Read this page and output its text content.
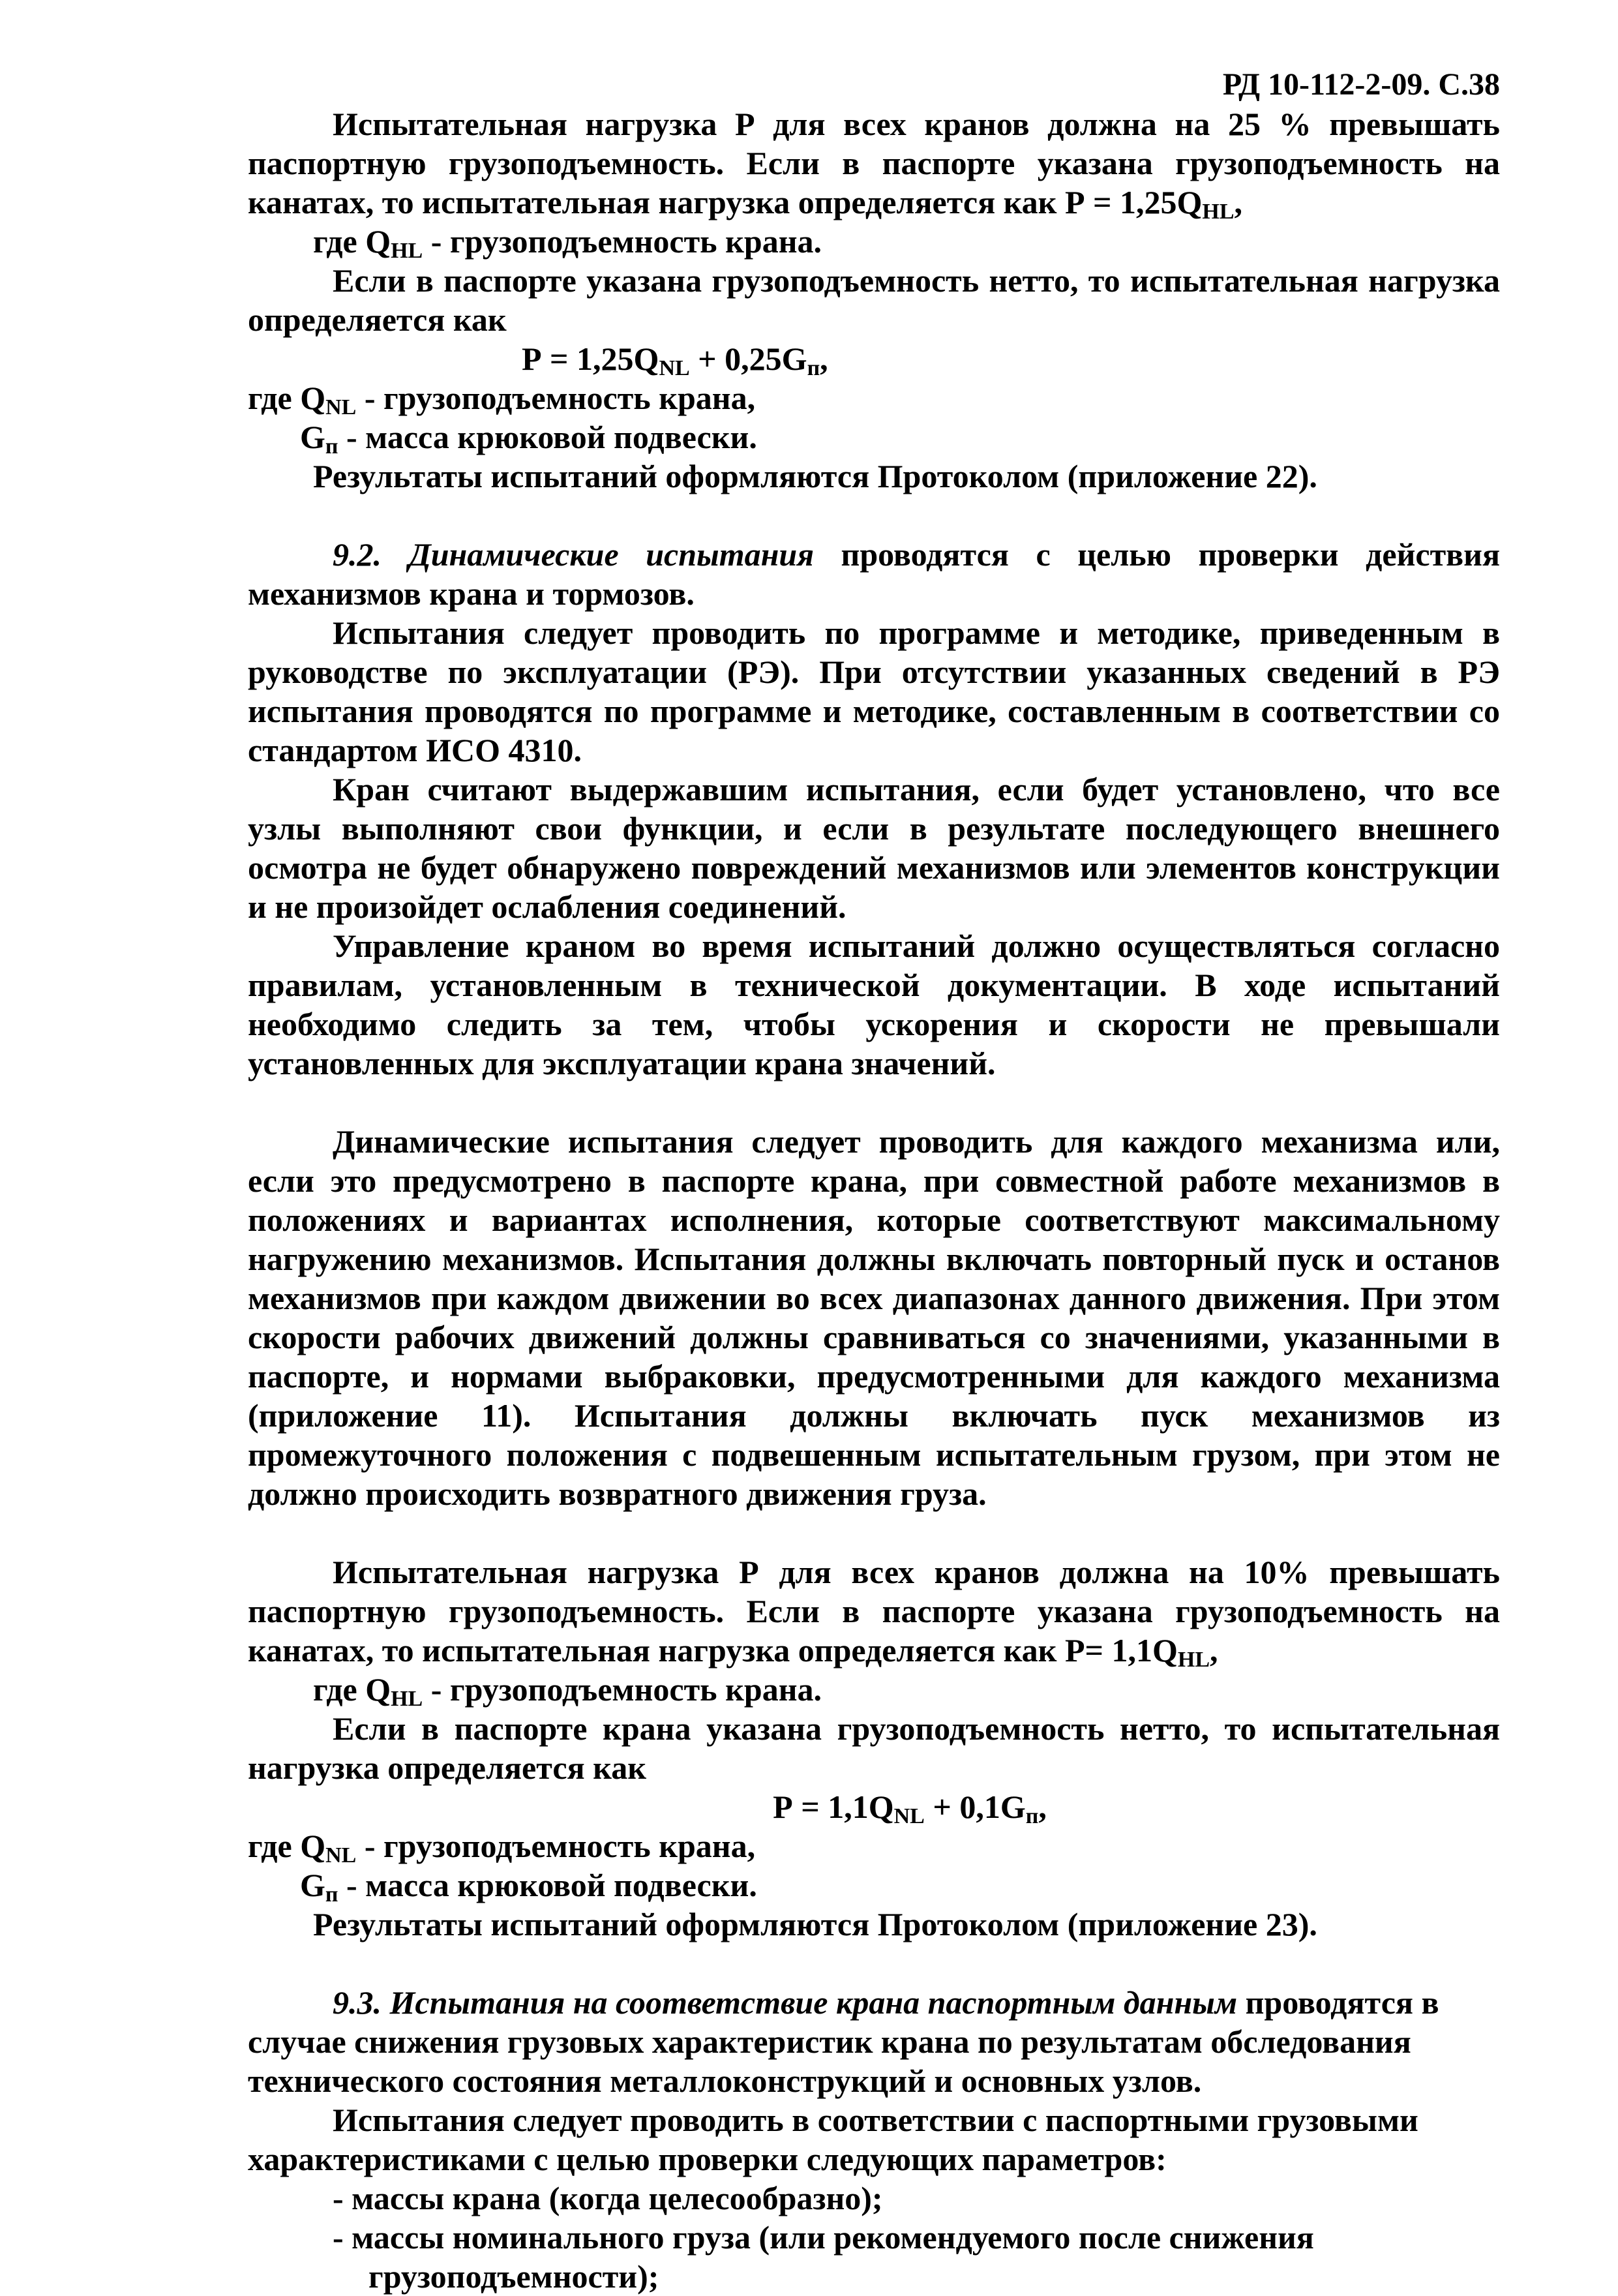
РД 10-112-2-09. С.38

Испытательная нагрузка Р для всех кранов должна на 25 % превышать паспортную грузоподъемность. Если в паспорте указана грузоподъемность на канатах, то испытательная нагрузка определяется как $Р = 1,25Q_{HL}$,

где $Q_{HL}$ - грузоподъемность крана.

Если в паспорте указана грузоподъемность нетто, то испытательная нагрузка определяется как

$Р = 1,25Q_{NL} + 0,25G_п$,

где $Q_{NL}$ - грузоподъемность крана,

$G_п$ - масса крюковой подвески.

Результаты испытаний оформляются Протоколом (приложение 22).

9.2. Динамические испытания проводятся с целью проверки действия механизмов крана и тормозов.

Испытания следует проводить по программе и методике, приведенным в руководстве по эксплуатации (РЭ). При отсутствии указанных сведений в РЭ испытания проводятся по программе и методике, составленным в соответствии со стандартом ИСО 4310.

Кран считают выдержавшим испытания, если будет установлено, что все узлы выполняют свои функции, и если в результате последующего внешнего осмотра не будет обнаружено повреждений механизмов или элементов конструкции и не произойдет ослабления соединений.

Управление краном во время испытаний должно осуществляться согласно правилам, установленным в технической документации. В ходе испытаний необходимо следить за тем, чтобы ускорения и скорости не превышали установленных для эксплуатации крана значений.

Динамические испытания следует проводить для каждого механизма или, если это предусмотрено в паспорте крана, при совместной работе механизмов в положениях и вариантах исполнения, которые соответствуют максимальному нагружению механизмов. Испытания должны включать повторный пуск и останов механизмов при каждом движении во всех диапазонах данного движения. При этом скорости рабочих движений должны сравниваться со значениями, указанными в паспорте, и нормами выбраковки, предусмотренными для каждого механизма (приложение 11). Испытания должны включать пуск механизмов из промежуточного положения с подвешенным испытательным грузом, при этом не должно происходить возвратного движения груза.

Испытательная нагрузка Р для всех кранов должна на 10% превышать паспортную грузоподъемность. Если в паспорте указана грузоподъемность на канатах, то испытательная нагрузка определяется как $Р= 1,1Q_{HL}$,

где $Q_{HL}$ - грузоподъемность крана.

Если в паспорте крана указана грузоподъемность нетто, то испытательная нагрузка определяется как

$Р = 1,1Q_{NL} + 0,1G_п$,

где $Q_{NL}$ - грузоподъемность крана,

$G_п$ - масса крюковой подвески.

Результаты испытаний оформляются Протоколом (приложение 23).

9.3. Испытания на соответствие крана паспортным данным проводятся в случае снижения грузовых характеристик крана по результатам обследования технического состояния металлоконструкций и основных узлов.

Испытания следует проводить в соответствии с паспортными грузовыми характеристиками с целью проверки следующих параметров:

- массы крана (когда целесообразно);

- массы номинального груза (или рекомендуемого после снижения

грузоподъемности);
